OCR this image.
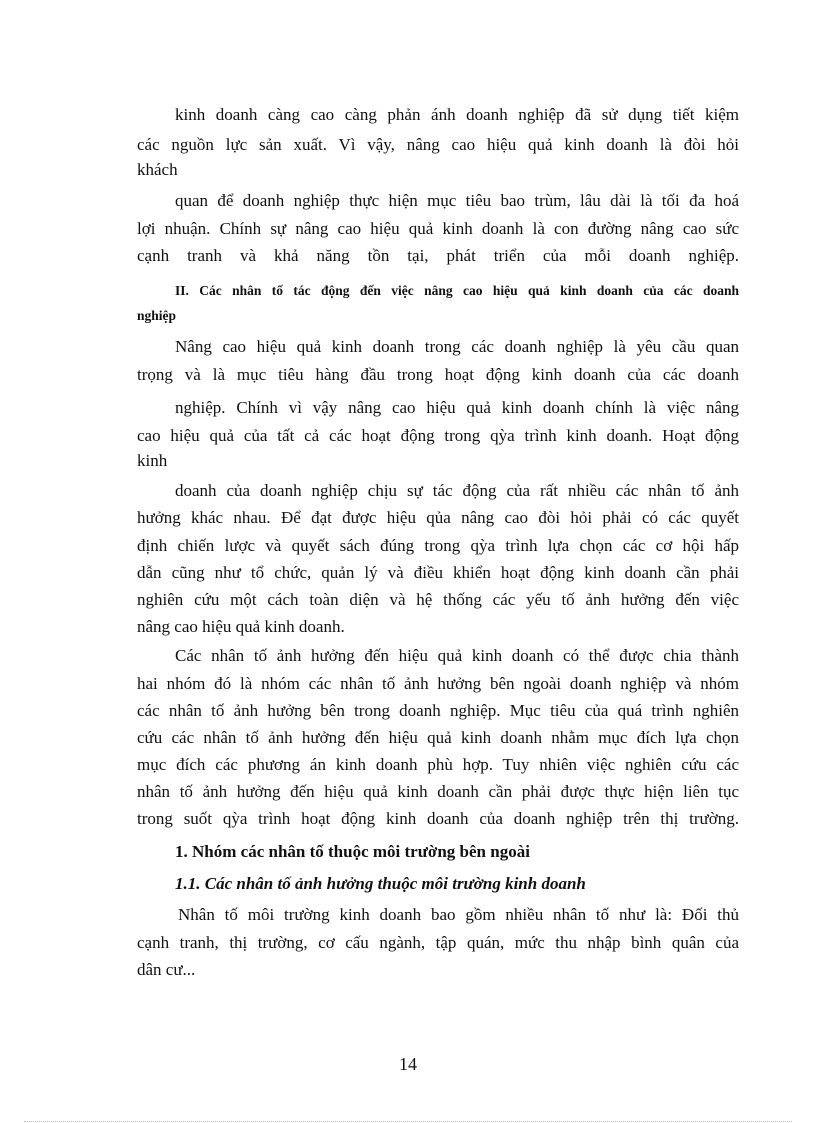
kinh doanh càng cao càng phản ánh doanh nghiệp đã sử dụng tiết kiệm
các nguồn lực sản xuất. Vì vậy, nâng cao hiệu quả kinh doanh là đòi hỏi
khách
quan để doanh nghiệp thực hiện mục tiêu bao trùm, lâu dài là tối đa hoá
lợi nhuận. Chính sự nâng cao hiệu quả kinh doanh là con đường nâng cao sức
cạnh tranh và khả năng tồn tại, phát triển của mỗi doanh nghiệp.
II. Các nhân tố tác động đến việc nâng cao hiệu quả kinh doanh của các doanh
nghiệp
Nâng cao hiệu quả kinh doanh trong các doanh nghiệp là yêu cầu quan
trọng và là mục tiêu hàng đầu trong hoạt động kinh doanh của các doanh
nghiệp. Chính vì vậy nâng cao hiệu quả kinh doanh chính là việc nâng
cao hiệu quả của tất cả các hoạt động trong qỳa trình kinh doanh. Hoạt động
kinh
doanh của doanh nghiệp chịu sự tác động của rất nhiều các nhân tố ảnh
hưởng khác nhau. Để đạt được hiệu qủa nâng cao đòi hỏi phải có các quyết
định chiến lược và quyết sách đúng trong qỳa trình lựa chọn các cơ hội hấp
dẫn cũng như tổ chức, quản lý và điều khiển hoạt động kinh doanh cần phải
nghiên cứu một cách toàn diện và hệ thống các yếu tố ảnh hưởng đến việc
nâng cao hiệu quả kinh doanh.
Các nhân tố ảnh hưởng đến hiệu quả kinh doanh có thể được chia thành
hai nhóm đó là nhóm các nhân tố ảnh hưởng bên ngoài doanh nghiệp và nhóm
các nhân tố ảnh hưởng bên trong doanh nghiệp. Mục tiêu của quá trình nghiên
cứu các nhân tố ảnh hưởng đến hiệu quả kinh doanh nhằm mục đích lựa chọn
mục đích các phương án kinh doanh phù hợp. Tuy nhiên việc nghiên cứu các
nhân tố ảnh hưởng đến hiệu quả kinh doanh cần phải được thực hiện liên tục
trong suốt qỳa trình hoạt động kinh doanh của doanh nghiệp trên thị trường.
1. Nhóm các nhân tố thuộc môi trường bên ngoài
1.1. Các nhân tố ảnh hưởng thuộc môi trường kinh doanh
Nhân tố môi trường kinh doanh bao gồm nhiều nhân tố như là: Đối thủ
cạnh tranh, thị trường, cơ cấu ngành, tập quán, mức thu nhập bình quân của
dân cư...
14
